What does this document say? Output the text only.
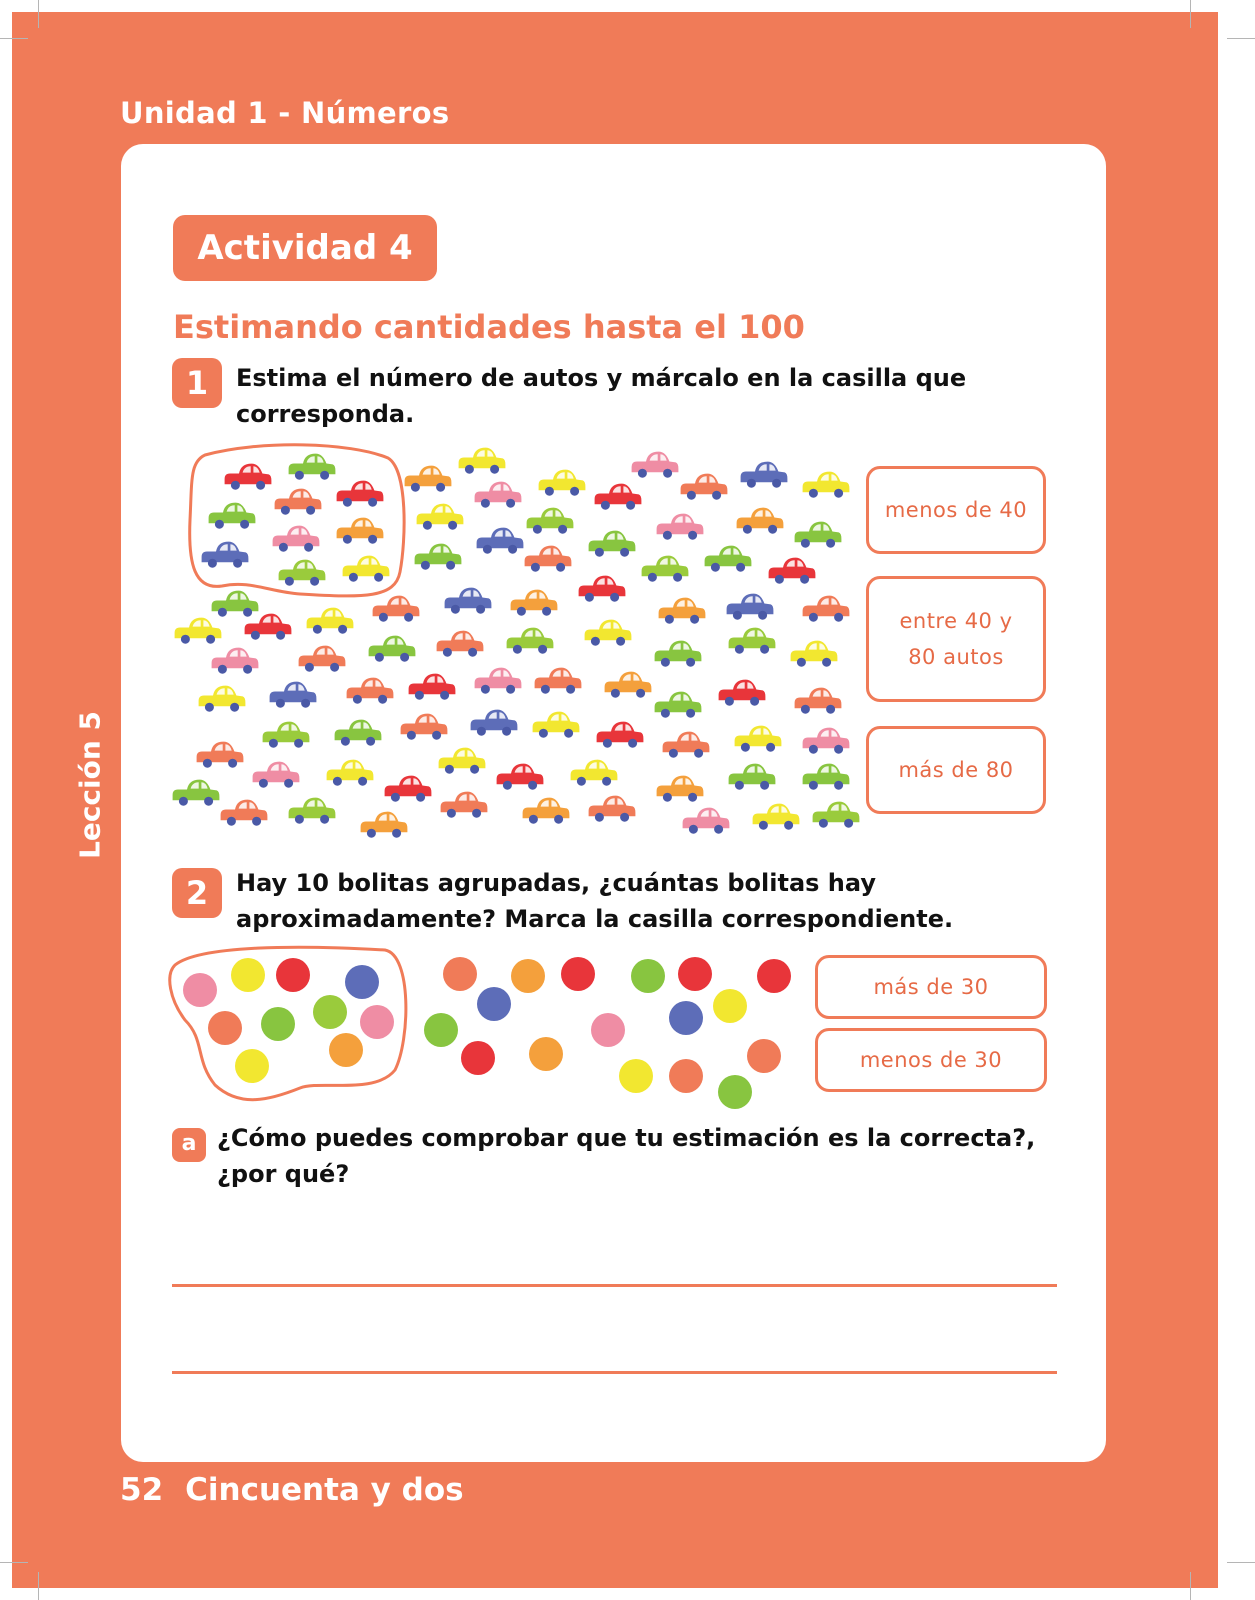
Unidad 1 - Números
Lección 5
Actividad 4
Estimando cantidades hasta el 100
1	Estima el número de autos y márcalo en la casilla que
corresponda.
menos de 40
entre 40 y
80 autos
más de 80
2	Hay 10 bolitas agrupadas, ¿cuántas bolitas hay
aproximadamente? Marca la casilla correspondiente.
más de 30
menos de 30
a ¿Cómo puedes comprobar que tu estimación es la correcta?,
¿por qué?
52 Cincuenta y dos
